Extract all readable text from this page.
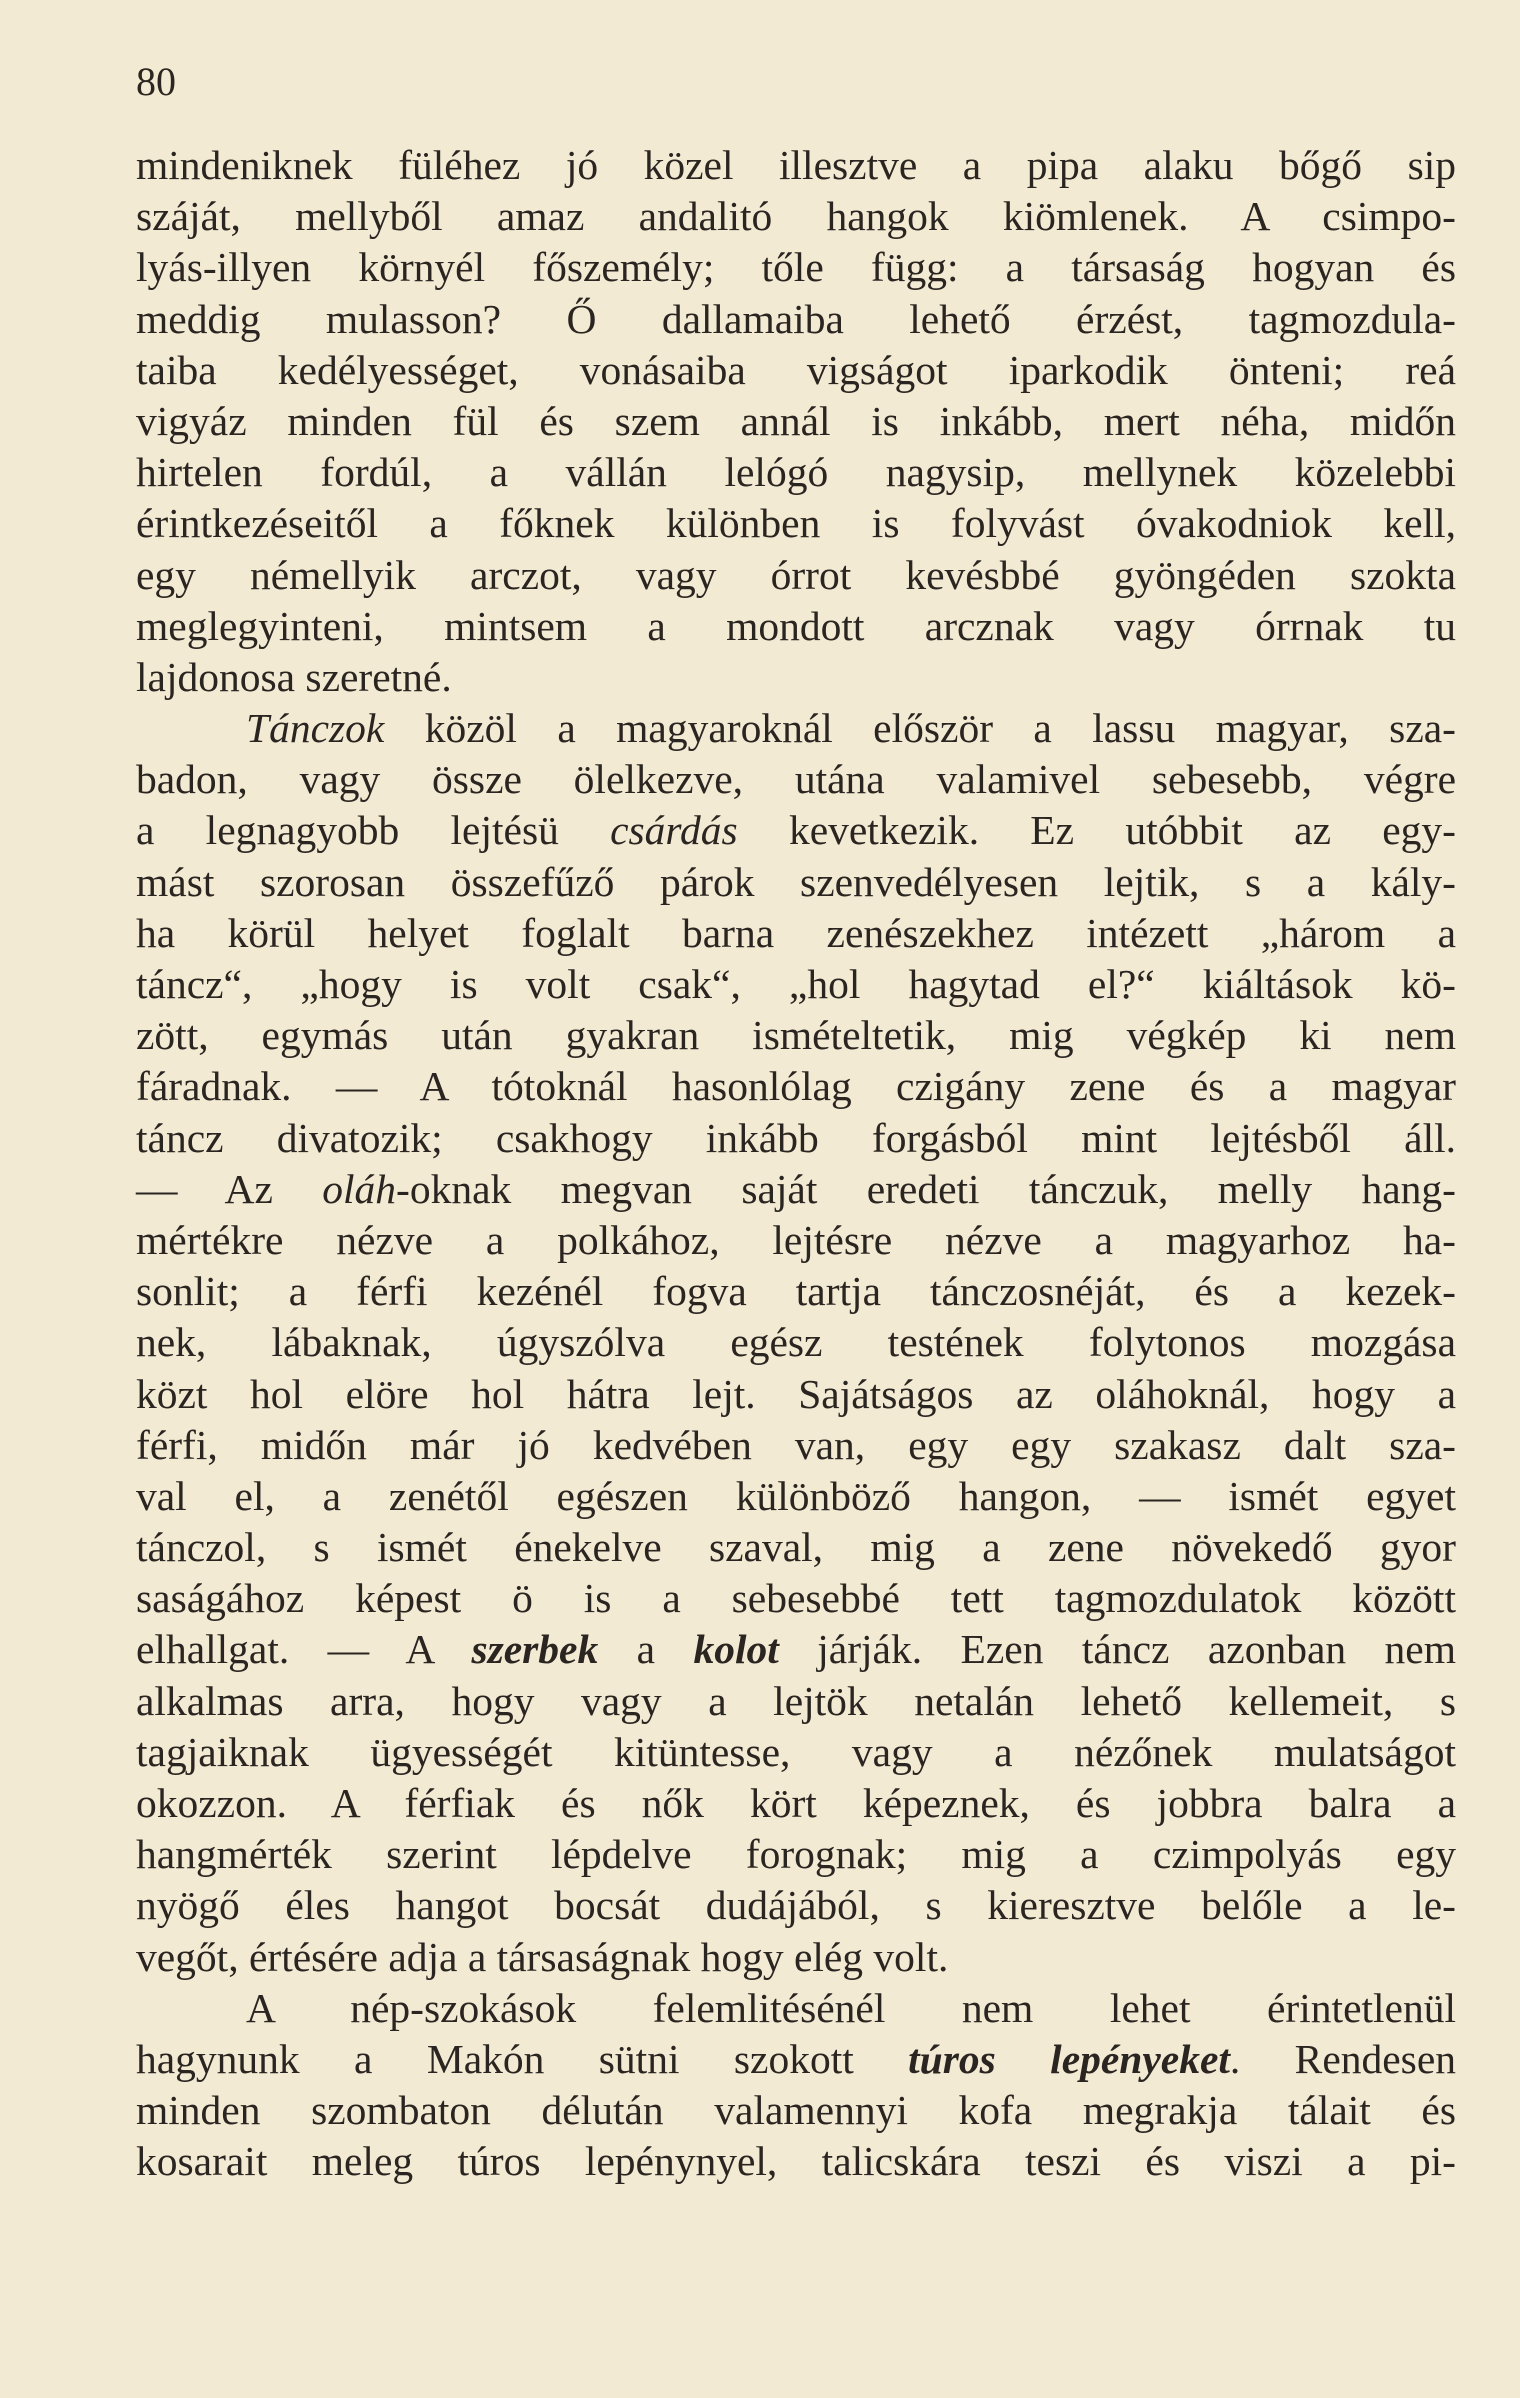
80
mindeniknek füléhez jó közel illesztve a pipa alaku bőgő sip
száját, mellyből amaz andalitó hangok kiömlenek. A csimpo-
lyás-illyen környél főszemély; tőle függ: a társaság hogyan és
meddig mulasson? Ő dallamaiba lehető érzést, tagmozdula-
taiba kedélyességet, vonásaiba vigságot iparkodik önteni; reá
vigyáz minden fül és szem annál is inkább, mert néha, midőn
hirtelen fordúl, a vállán lelógó nagysip, mellynek közelebbi
érintkezéseitől a főknek különben is folyvást óvakodniok kell,
egy némellyik arczot, vagy órrot kevésbbé gyöngéden szokta
meglegyinteni, mintsem a mondott arcznak vagy órrnak tu
lajdonosa szeretné.
Tánczok közöl a magyaroknál először a lassu magyar, sza-
badon, vagy össze ölelkezve, utána valamivel sebesebb, végre
a legnagyobb lejtésü csárdás kevetkezik. Ez utóbbit az egy-
mást szorosan összefűző párok szenvedélyesen lejtik, s a kály-
ha körül helyet foglalt barna zenészekhez intézett „három a
táncz“, „hogy is volt csak“, „hol hagytad el?“ kiáltások kö-
zött, egymás után gyakran ismételtetik, mig végkép ki nem
fáradnak. — A tótoknál hasonlólag czigány zene és a magyar
táncz divatozik; csakhogy inkább forgásból mint lejtésből áll.
— Az oláh-oknak megvan saját eredeti tánczuk, melly hang-
mértékre nézve a polkához, lejtésre nézve a magyarhoz ha-
sonlit; a férfi kezénél fogva tartja tánczosnéját, és a kezek-
nek, lábaknak, úgyszólva egész testének folytonos mozgása
közt hol elöre hol hátra lejt. Sajátságos az oláhoknál, hogy a
férfi, midőn már jó kedvében van, egy egy szakasz dalt sza-
val el, a zenétől egészen különböző hangon, — ismét egyet
tánczol, s ismét énekelve szaval, mig a zene növekedő gyor
saságához képest ö is a sebesebbé tett tagmozdulatok között
elhallgat. — A szerbek a kolot járják. Ezen táncz azonban nem
alkalmas arra, hogy vagy a lejtök netalán lehető kellemeit, s
tagjaiknak ügyességét kitüntesse, vagy a nézőnek mulatságot
okozzon. A férfiak és nők kört képeznek, és jobbra balra a
hangmérték szerint lépdelve forognak; mig a czimpolyás egy
nyögő éles hangot bocsát dudájából, s kieresztve belőle a le-
vegőt, értésére adja a társaságnak hogy elég volt.
A nép-szokások felemlitésénél nem lehet érintetlenül
hagynunk a Makón sütni szokott túros lepényeket. Rendesen
minden szombaton délután valamennyi kofa megrakja tálait és
kosarait meleg túros lepénynyel, talicskára teszi és viszi a pi-
